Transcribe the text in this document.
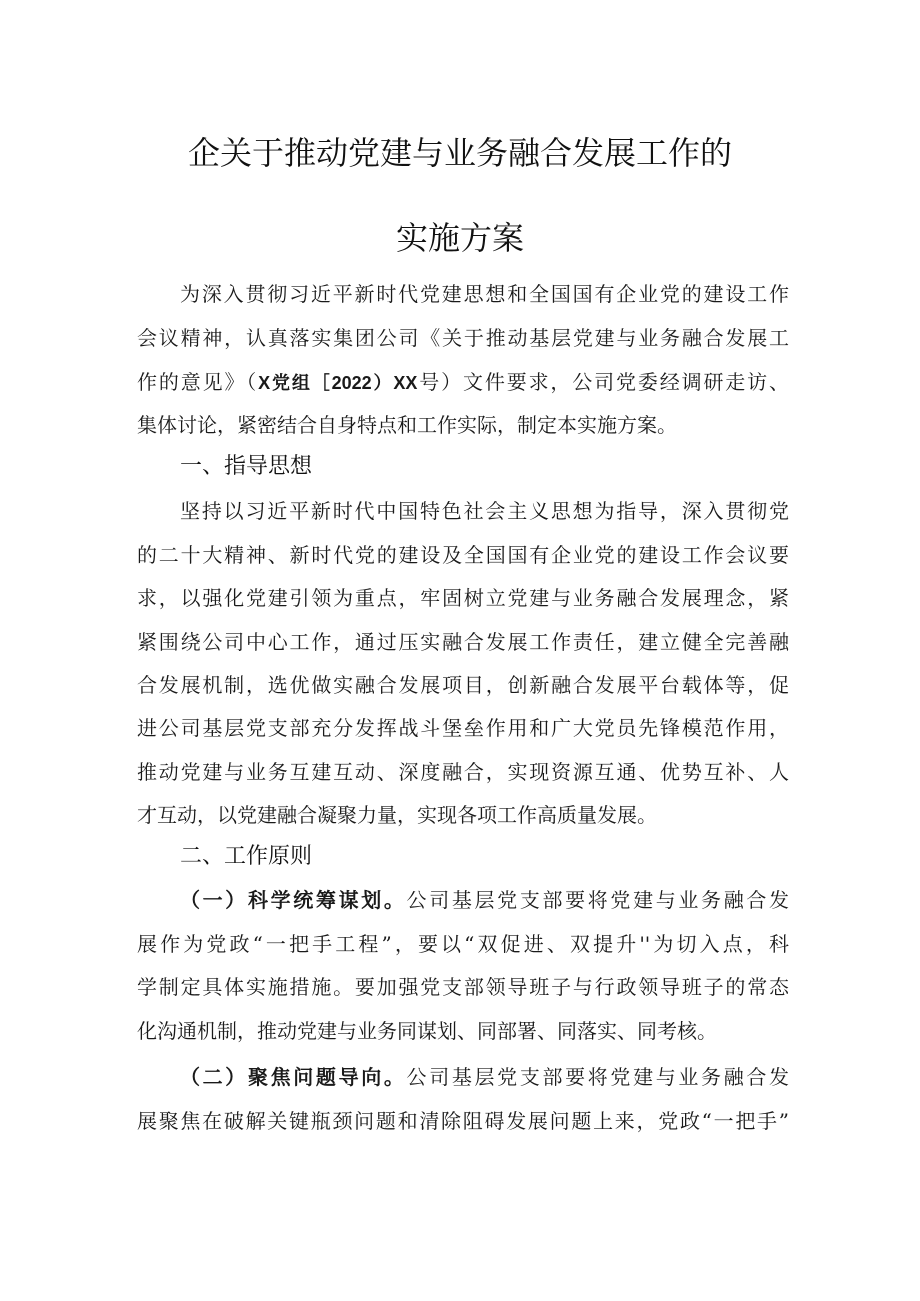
企关于推动党建与业务融合发展工作的
实施方案
为深入贯彻习近平新时代党建思想和全国国有企业党的建设工作
会议精神，认真落实集团公司《关于推动基层党建与业务融合发展工
作的意见》（X党组［2022）XX号）文件要求，公司党委经调研走访、
集体讨论，紧密结合自身特点和工作实际，制定本实施方案。
一、指导思想
坚持以习近平新时代中国特色社会主义思想为指导，深入贯彻党
的二十大精神、新时代党的建设及全国国有企业党的建设工作会议要
求，以强化党建引领为重点，牢固树立党建与业务融合发展理念，紧
紧围绕公司中心工作，通过压实融合发展工作责任，建立健全完善融
合发展机制，选优做实融合发展项目，创新融合发展平台载体等，促
进公司基层党支部充分发挥战斗堡垒作用和广大党员先锋模范作用，
推动党建与业务互建互动、深度融合，实现资源互通、优势互补、人
才互动，以党建融合凝聚力量，实现各项工作高质量发展。
二、工作原则
（一）科学统筹谋划。公司基层党支部要将党建与业务融合发
展作为党政“一把手工程”，要以“双促进、双提升''为切入点，科
学制定具体实施措施。要加强党支部领导班子与行政领导班子的常态
化沟通机制，推动党建与业务同谋划、同部署、同落实、同考核。
（二）聚焦问题导向。公司基层党支部要将党建与业务融合发
展聚焦在破解关键瓶颈问题和清除阻碍发展问题上来，党政“一把手”
